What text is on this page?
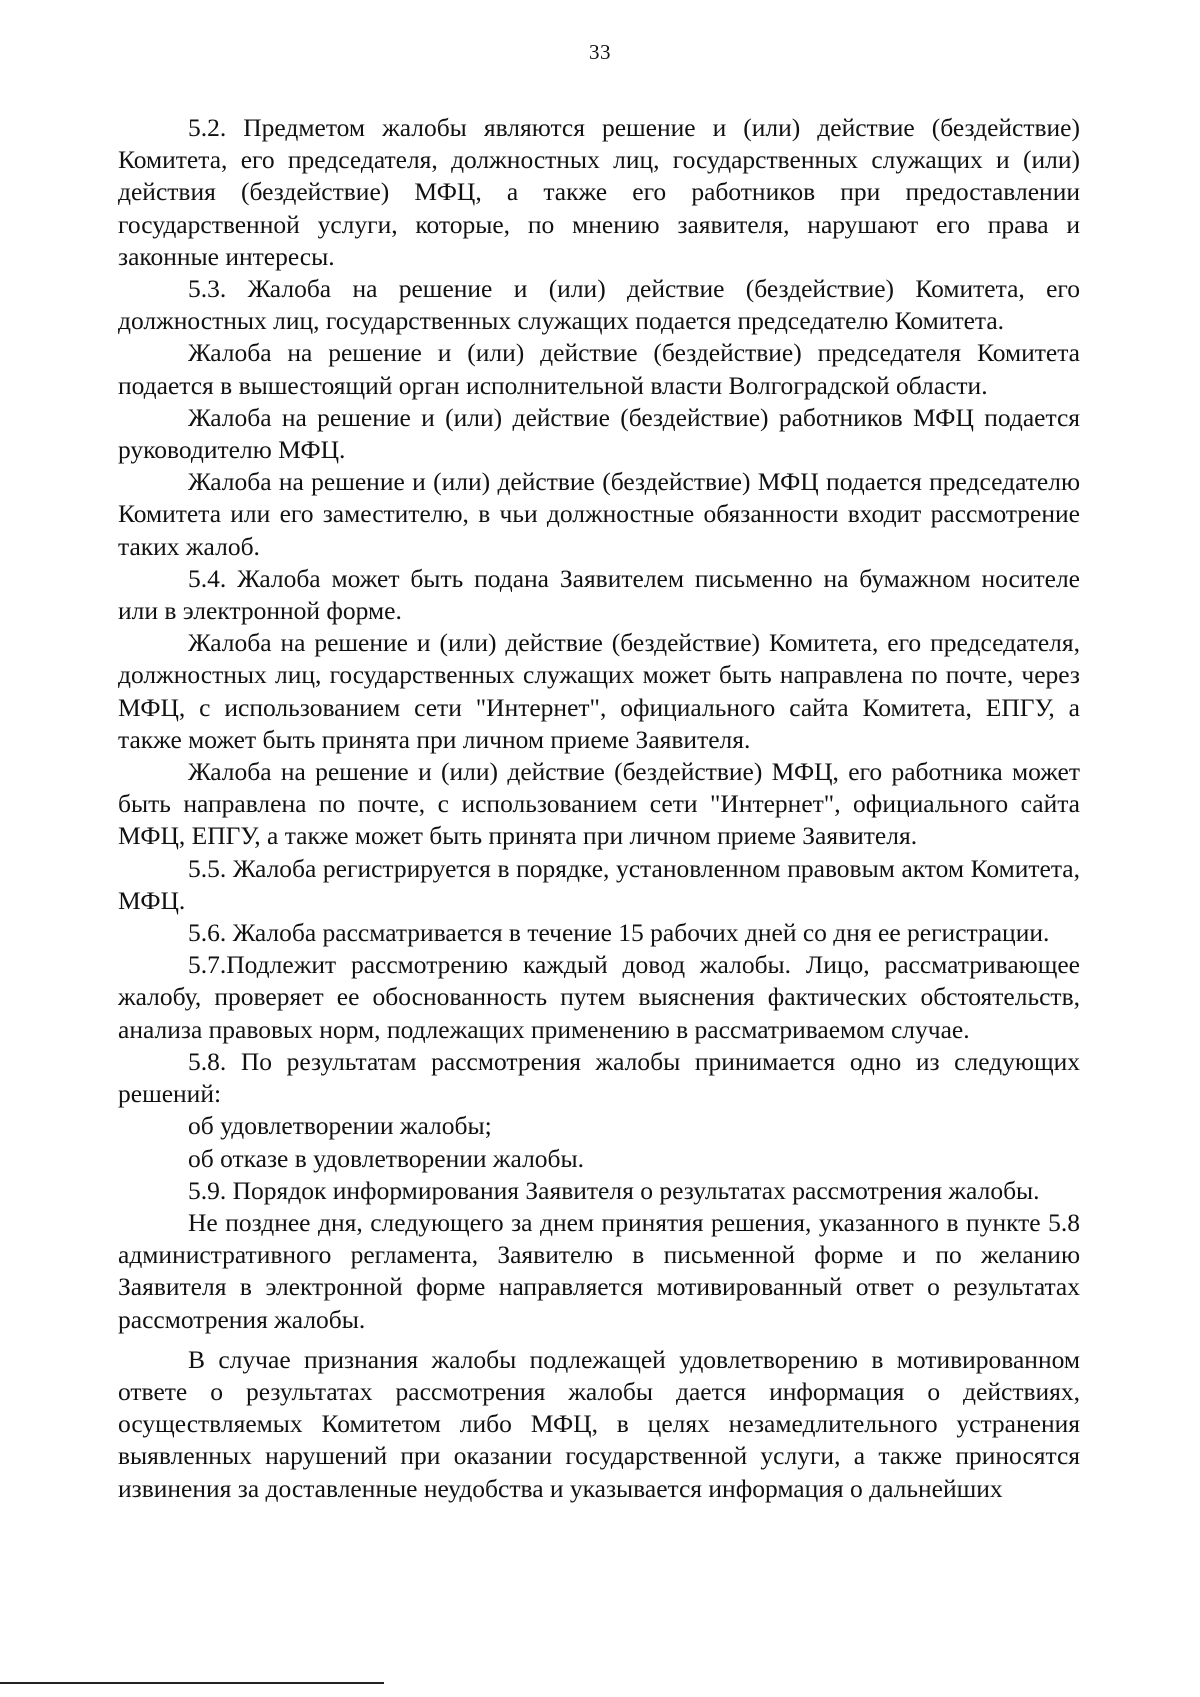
33

5.2. Предметом жалобы являются решение и (или) действие (бездействие) Комитета, его председателя, должностных лиц, государственных служащих и (или) действия (бездействие) МФЦ, а также его работников при предоставлении государственной услуги, которые, по мнению заявителя, нарушают его права и законные интересы.

5.3. Жалоба на решение и (или) действие (бездействие) Комитета, его должностных лиц, государственных служащих подается председателю Комитета.

Жалоба на решение и (или) действие (бездействие) председателя Комитета подается в вышестоящий орган исполнительной власти Волгоградской области.

Жалоба на решение и (или) действие (бездействие) работников МФЦ подается руководителю МФЦ.

Жалоба на решение и (или) действие (бездействие) МФЦ подается председателю Комитета или его заместителю, в чьи должностные обязанности входит рассмотрение таких жалоб.

5.4. Жалоба может быть подана Заявителем письменно на бумажном носителе или в электронной форме.

Жалоба на решение и (или) действие (бездействие) Комитета, его председателя, должностных лиц, государственных служащих может быть направлена по почте, через МФЦ, с использованием сети "Интернет", официального сайта Комитета, ЕПГУ, а также может быть принята при личном приеме Заявителя.

Жалоба на решение и (или) действие (бездействие) МФЦ, его работника может быть направлена по почте, с использованием сети "Интернет", официального сайта МФЦ, ЕПГУ, а также может быть принята при личном приеме Заявителя.

5.5. Жалоба регистрируется в порядке, установленном правовым актом Комитета, МФЦ.

5.6. Жалоба рассматривается в течение 15 рабочих дней со дня ее регистрации.

5.7.Подлежит рассмотрению каждый довод жалобы. Лицо, рассматривающее жалобу, проверяет ее обоснованность путем выяснения фактических обстоятельств, анализа правовых норм, подлежащих применению в рассматриваемом случае.

5.8. По результатам рассмотрения жалобы принимается одно из следующих решений:

об удовлетворении жалобы;

об отказе в удовлетворении жалобы.

5.9. Порядок информирования Заявителя о результатах рассмотрения жалобы.

Не позднее дня, следующего за днем принятия решения, указанного в пункте 5.8 административного регламента, Заявителю в письменной форме и по желанию Заявителя в электронной форме направляется мотивированный ответ о результатах рассмотрения жалобы.

В случае признания жалобы подлежащей удовлетворению в мотивированном ответе о результатах рассмотрения жалобы дается информация о действиях, осуществляемых Комитетом либо МФЦ, в целях незамедлительного устранения выявленных нарушений при оказании государственной услуги, а также приносятся извинения за доставленные неудобства и указывается информация о дальнейших
